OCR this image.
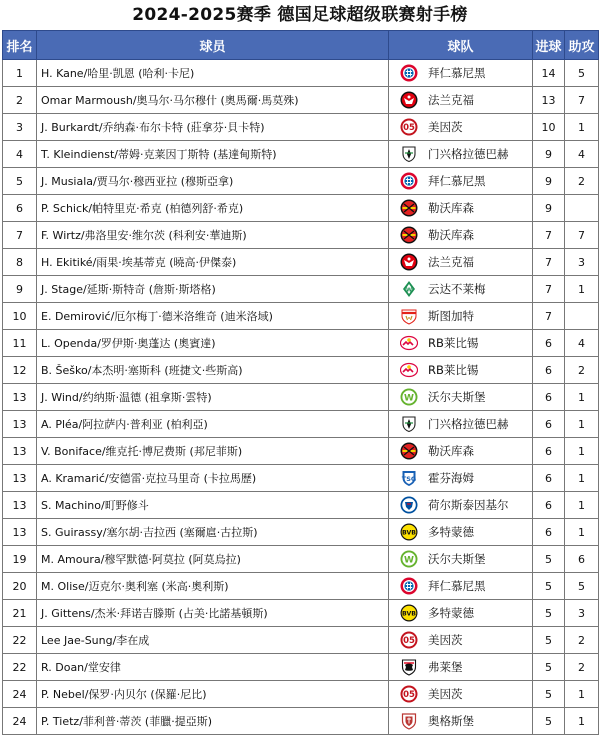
2024-2025赛季 德国足球超级联赛射手榜
排名	球员	球队	进球	助攻
1	H. Kane/哈里·凯恩 (哈利·卡尼)	拜仁慕尼黑	14	5
2	Omar Marmoush/奥马尔·马尔穆什 (奧馬爾·馬莫殊)	法兰克福	13	7
3	J. Burkardt/乔纳森·布尔卡特 (莊拿芬·貝卡特)	05 美因茨	10	1
4	T. Kleindienst/蒂姆·克莱因丁斯特 (基達甸斯特)	门兴格拉德巴赫	9	4
5	J. Musiala/贾马尔·穆西亚拉 (穆斯亞拿)	拜仁慕尼黑	9	2
6	P. Schick/帕特里克·希克 (柏德列舒·希克)	勒沃库森	9	
7	F. Wirtz/弗洛里安·维尔茨 (科利安·華迪斯)	勒沃库森	7	7
8	H. Ekitiké/雨果·埃基蒂克 (曉高·伊傑泰)	法兰克福	7	3
9	J. Stage/延斯·斯特奇 (詹斯·斯塔格)	W 云达不莱梅	7	1
10	E. Demirović/厄尔梅丁·德米洛维奇 (迪米洛域)	斯图加特	7	
11	L. Openda/罗伊斯·奥蓬达 (奧賓達)	RB莱比锡	6	4
12	B. Šeško/本杰明·塞斯科 (班捷文·些斯高)	RB莱比锡	6	2
13	J. Wind/约纳斯·温德 (祖拿斯·雲特)	W 沃尔夫斯堡	6	1
13	A. Pléa/阿拉萨内·普利亚 (柏利亞)	门兴格拉德巴赫	6	1
13	V. Boniface/维克托·博尼费斯 (邦尼菲斯)	勒沃库森	6	1
13	A. Kramarić/安德雷·克拉马里奇 (卡拉馬歷)	TSG 霍芬海姆	6	1
13	S. Machino/町野修斗	荷尔斯泰因基尔	6	1
13	S. Guirassy/塞尔胡·吉拉西 (塞爾扈·古拉斯)	BVB 多特蒙德	6	1
19	M. Amoura/穆罕默德·阿莫拉 (阿莫烏拉)	W 沃尔夫斯堡	5	6
20	M. Olise/迈克尔·奥利塞 (米高·奧利斯)	拜仁慕尼黑	5	5
21	J. Gittens/杰米·拜诺吉滕斯 (占美·比諾基頓斯)	BVB 多特蒙德	5	3
22	Lee Jae-Sung/李在成	05 美因茨	5	2
22	R. Doan/堂安律	弗莱堡	5	2
24	P. Nebel/保罗·内贝尔 (保羅·尼比)	05 美因茨	5	1
24	P. Tietz/菲利普·蒂茨 (菲臘·提亞斯)	奥格斯堡	5	1
